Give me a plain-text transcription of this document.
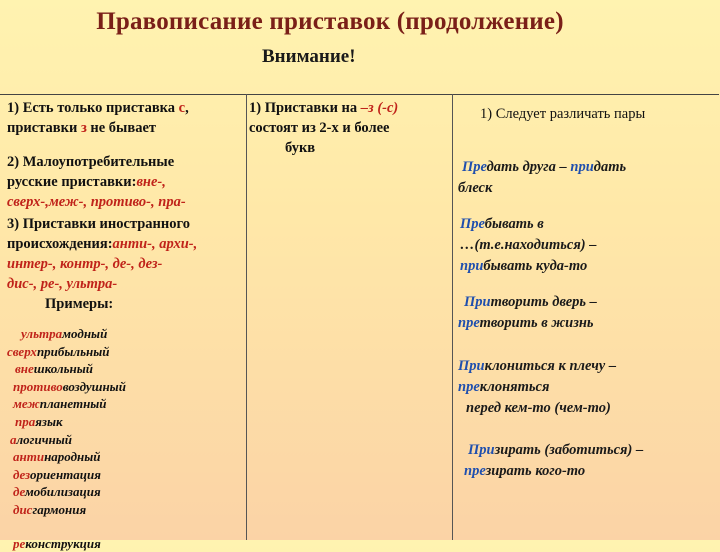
Правописание приставок (продолжение)
Внимание!
1) Есть только приставка с,
приставки з не бывает
2) Малоупотребительные
русские приставки:вне-,
сверх-,меж-, противо-, пра-
3) Приставки иностранного
происхождения:анти-, архи-,
интер-, контр-, де-, дез-
дис-, ре-, ультра-
Примеры:
ультрамодный
сверхприбыльный
внешкольный
противовоздушный
межпланетный
праязык
алогичный
антинародный
дезориентация
демобилизация
дисгармония
реконструкция
1) Приставки на –з (-с)
состоят из 2-х и более
букв
1) Следует различать пары
Предать друга – придать
блеск
Пребывать в
…(т.е.находиться) –
прибывать куда-то
Притворить дверь –
претворить в жизнь
Приклониться к плечу –
преклоняться
перед кем-то (чем-то)
Призирать (заботиться) –
презирать кого-то
